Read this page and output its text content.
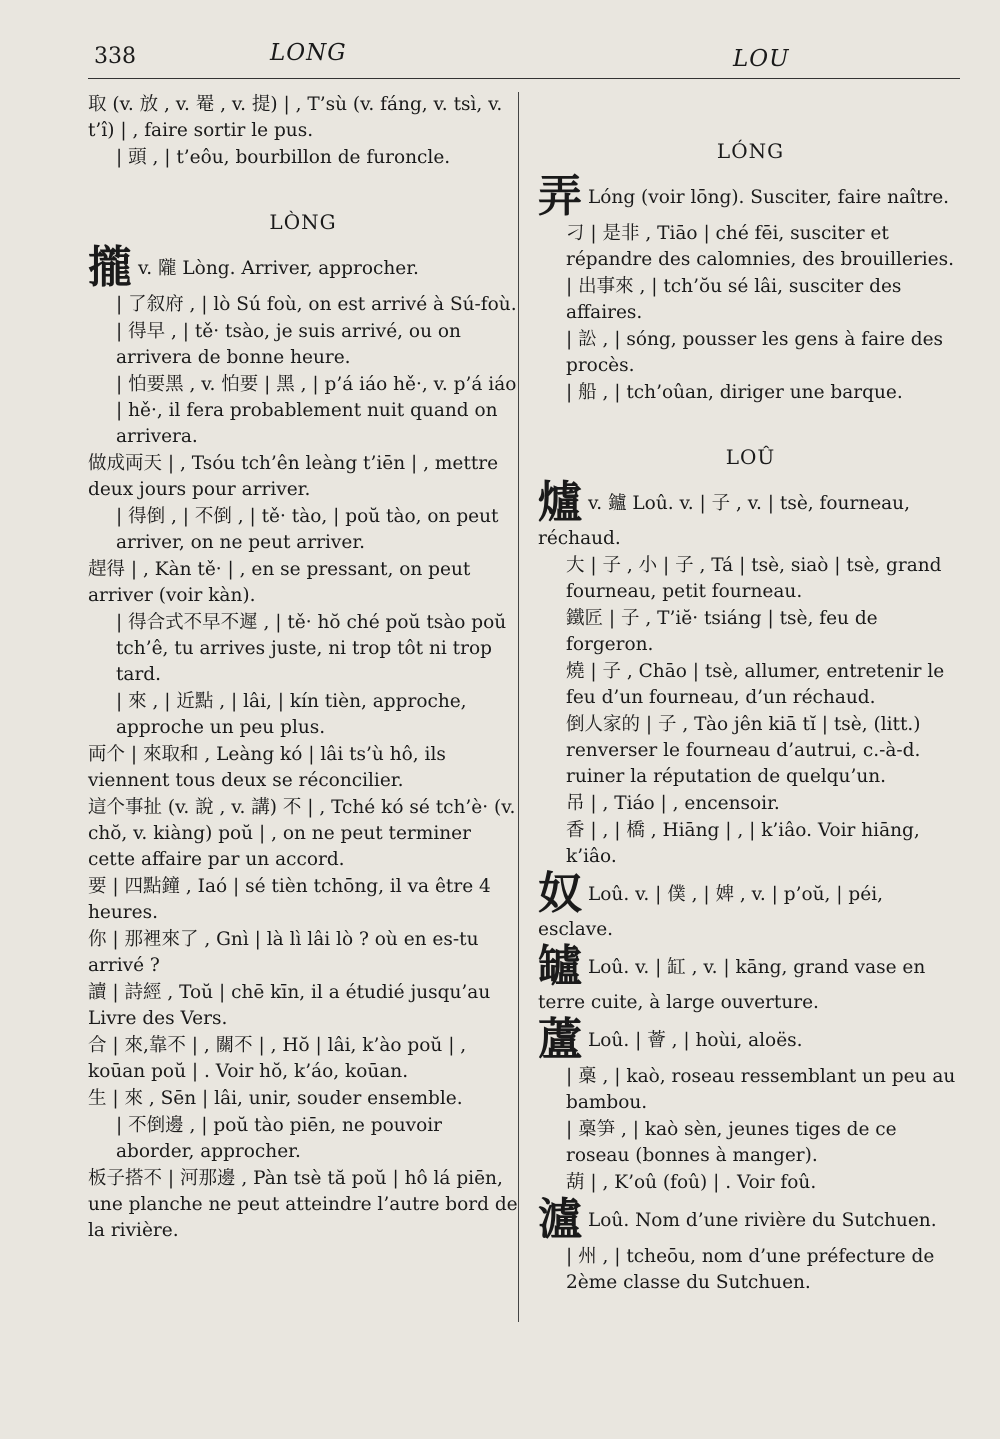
338	LONG	LOU
取 (v. 放 , v. 罨 , v. 提) | , T’sù (v. fáng, v. tsì, v. t’î) | , faire sortir le pus.
| 頭 , | t’eôu, bourbillon de furoncle.
LÒNG
攏v. 隴 Lòng. Arriver, approcher.
| 了叙府 , | lò Sú foù, on est arrivé à Sú-foù.
| 得早 , | tě· tsào, je suis arrivé, ou on arrivera de bonne heure.
| 怕要黑 , v. 怕要 | 黑 , | p’á iáo hě·, v. p’á iáo | hě·, il fera probablement nuit quand on arrivera.
做成両天 | , Tsóu tch’ên leàng t’iēn | , mettre deux jours pour arriver.
| 得倒 , | 不倒 , | tě· tào, | poŭ tào, on peut arriver, on ne peut arriver.
趕得 | , Kàn tě· | , en se pressant, on peut arriver (voir kàn).
| 得合式不早不遲 , | tě· hŏ ché poŭ tsào poŭ tch’ê, tu arrives juste, ni trop tôt ni trop tard.
| 來 , | 近點 , | lâi, | kín tièn, approche, approche un peu plus.
両个 | 來取和 , Leàng kó | lâi ts’ù hô, ils viennent tous deux se réconcilier.
這个事扯 (v. 說 , v. 講) 不 | , Tché kó sé tch’è· (v. chŏ, v. kiàng) poŭ | , on ne peut terminer cette affaire par un accord.
要 | 四點鐘 , Iaó | sé tièn tchōng, il va être 4 heures.
你 | 那裡來了 , Gnì | là lì lâi lò ? où en es-tu arrivé ?
讀 | 詩經 , Toŭ | chē kīn, il a étudié jusqu’au Livre des Vers.
合 | 來,靠不 | , 關不 | , Hŏ | lâi, k’ào poŭ | , koūan poŭ | . Voir hŏ, k’áo, koūan.
生 | 來 , Sēn | lâi, unir, souder ensemble.
| 不倒邊 , | poŭ tào piēn, ne pouvoir aborder, approcher.
板子搭不 | 河那邊 , Pàn tsè tă poŭ | hô lá piēn, une planche ne peut atteindre l’autre bord de la rivière.
LÓNG
弄 Lóng (voir lōng). Susciter, faire naître.
刁 | 是非 , Tiāo | ché fēi, susciter et répandre des calomnies, des brouilleries.
| 出事來 , | tch’ŏu sé lâi, susciter des affaires.
| 訟 , | sóng, pousser les gens à faire des procès.
| 船 , | tch’oûan, diriger une barque.
LOÛ
爐v. 鑪 Loû. v. | 子 , v. | tsè, fourneau, réchaud.
大 | 子 , 小 | 子 , Tá | tsè, siaò | tsè, grand fourneau, petit fourneau.
鐵匠 | 子 , T’iĕ· tsiáng | tsè, feu de forgeron.
燒 | 子 , Chāo | tsè, allumer, entretenir le feu d’un fourneau, d’un réchaud.
倒人家的 | 子 , Tào jên kiā tĭ | tsè, (litt.) renverser le fourneau d’autrui, c.-à-d. ruiner la réputation de quelqu’un.
吊 | , Tiáo | , encensoir.
香 | , | 橋 , Hiāng | , | k’iâo. Voir hiāng, k’iâo.
奴 Loû. v. | 僕 , | 婢 , v. | p’oŭ, | péi, esclave.
罏 Loû. v. | 缸 , v. | kāng, grand vase en terre cuite, à large ouverture.
蘆 Loû. | 薈 , | hoùi, aloës.
| 槀 , | kaò, roseau ressemblant un peu au bambou.
| 槀笋 , | kaò sèn, jeunes tiges de ce roseau (bonnes à manger).
葫 | , K’oû (foû) | . Voir foû.
瀘 Loû. Nom d’une rivière du Sutchuen.
| 州 , | tcheōu, nom d’une préfecture de 2ème classe du Sutchuen.
